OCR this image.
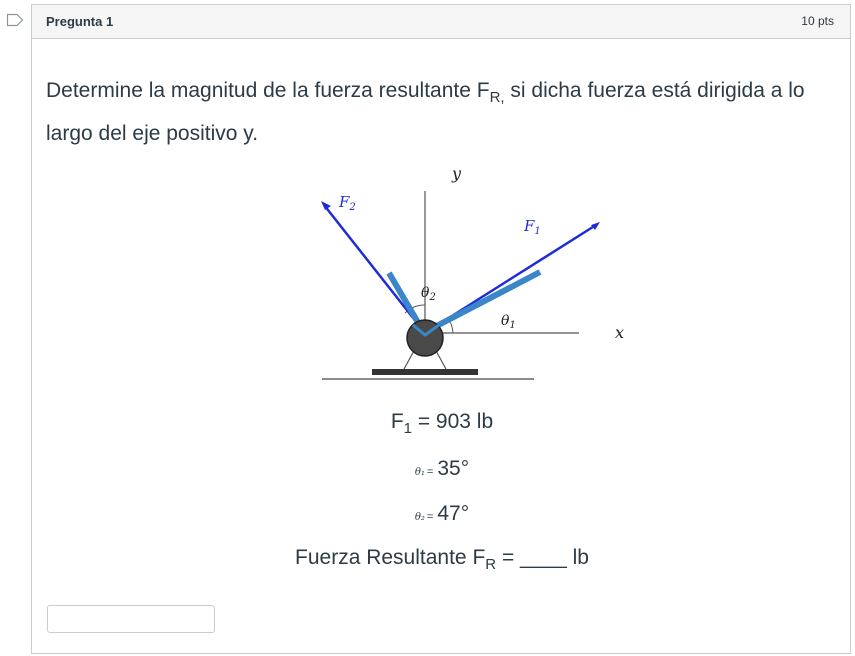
Pregunta 1	10 pts
Determine la magnitud de la fuerza resultante $F_{R,}$ si dicha fuerza está dirigida a lo largo del eje positivo y.
y
x
$F_2$
$F_1$
$\theta_2$
$\theta_1$
$F_1 = 903$ lb
θ₁ = 35°
θ₂ = 47°
Fuerza Resultante $F_R$ = ____ lb
